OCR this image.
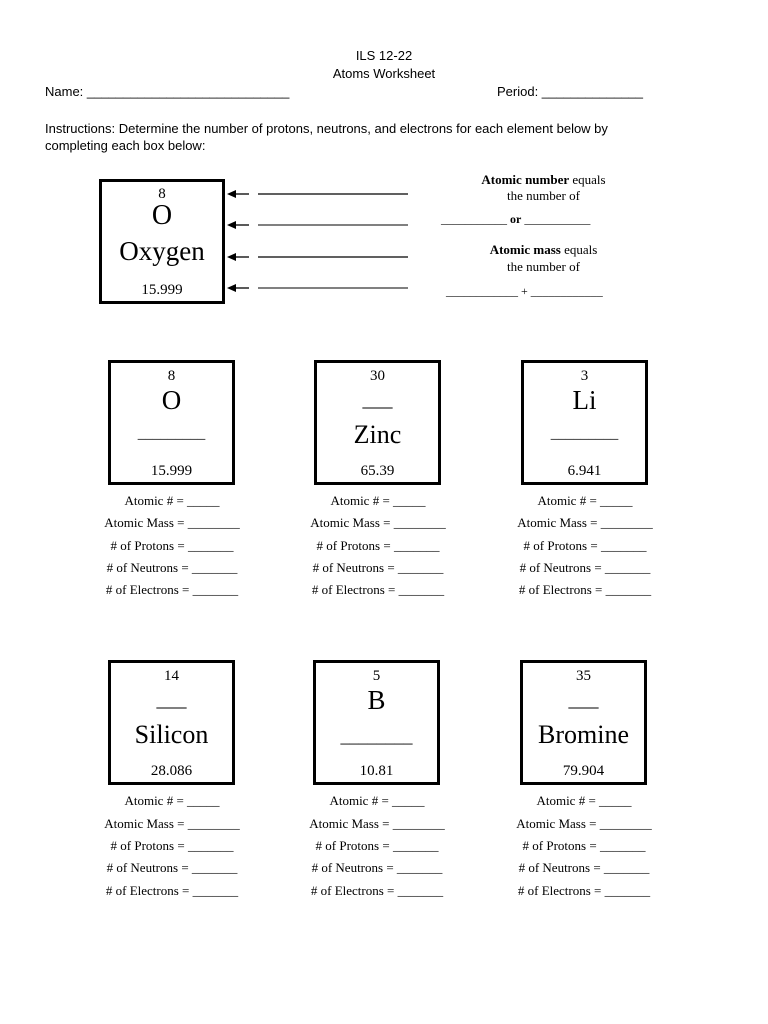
ILS 12-22
Atoms Worksheet
Name: ____________________________	Period: ______________
Instructions: Determine the number of protons, neutrons, and electrons for each element below by
completing each box below:
8
O
Oxygen
15.999
Atomic number equals
the number of
___________ or ___________
Atomic mass equals
the number of
____________ + ____________
8
O
_________
15.999
30
___
Zinc
65.39
3
Li
_________
6.941
Atomic # = _____
Atomic Mass = ________
# of Protons = _______
# of Neutrons = _______
# of Electrons = _______
Atomic # = _____
Atomic Mass = ________
# of Protons = _______
# of Neutrons = _______
# of Electrons = _______
Atomic # = _____
Atomic Mass = ________
# of Protons = _______
# of Neutrons = _______
# of Electrons = _______
14
___
Silicon
28.086
5
B
________
10.81
35
___
Bromine
79.904
Atomic # = _____
Atomic Mass = ________
# of Protons = _______
# of Neutrons = _______
# of Electrons = _______
Atomic # = _____
Atomic Mass = ________
# of Protons = _______
# of Neutrons = _______
# of Electrons = _______
Atomic # = _____
Atomic Mass = ________
# of Protons = _______
# of Neutrons = _______
# of Electrons = _______
